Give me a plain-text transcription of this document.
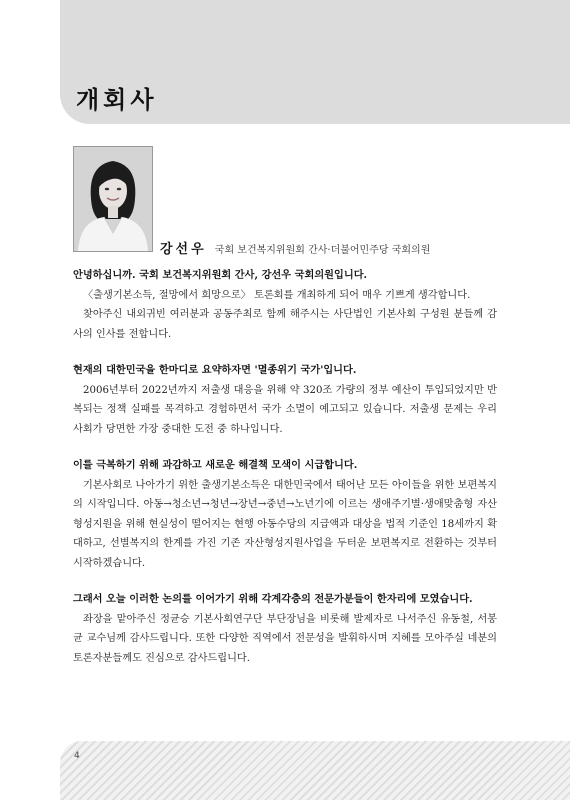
개회사
강선우 국회 보건복지위원회 간사·더불어민주당 국회의원

안녕하십니까. 국회 보건복지위원회 간사, 강선우 국회의원입니다.

〈출생기본소득, 절망에서 희망으로〉 토론회를 개최하게 되어 매우 기쁘게 생각합니다.

찾아주신 내외귀빈 여러분과 공동주최로 함께 해주시는 사단법인 기본사회 구성원 분들께 감사의 인사를 전합니다.

현재의 대한민국을 한마디로 요약하자면 '멸종위기 국가'입니다.

2006년부터 2022년까지 저출생 대응을 위해 약 320조 가량의 정부 예산이 투입되었지만 반복되는 정책 실패를 목격하고 경험하면서 국가 소멸이 예고되고 있습니다. 저출생 문제는 우리 사회가 당면한 가장 중대한 도전 중 하나입니다.

이를 극복하기 위해 과감하고 새로운 해결책 모색이 시급합니다.

기본사회로 나아가기 위한 출생기본소득은 대한민국에서 태어난 모든 아이들을 위한 보편복지의 시작입니다. 아동→청소년→청년→장년→중년→노년기에 이르는 생애주기별·생애맞춤형 자산형성지원을 위해 현실성이 떨어지는 현행 아동수당의 지급액과 대상을 법적 기준인 18세까지 확대하고, 선별복지의 한계를 가진 기존 자산형성지원사업을 두터운 보편복지로 전환하는 것부터 시작하겠습니다.

그래서 오늘 이러한 논의를 이어가기 위해 각계각층의 전문가분들이 한자리에 모였습니다.

좌장을 맡아주신 정균승 기본사회연구단 부단장님을 비롯해 발제자로 나서주신 유동철, 서봉균 교수님께 감사드립니다. 또한 다양한 직역에서 전문성을 발휘하시며 지혜를 모아주실 네분의 토론자분들께도 진심으로 감사드립니다.

4
